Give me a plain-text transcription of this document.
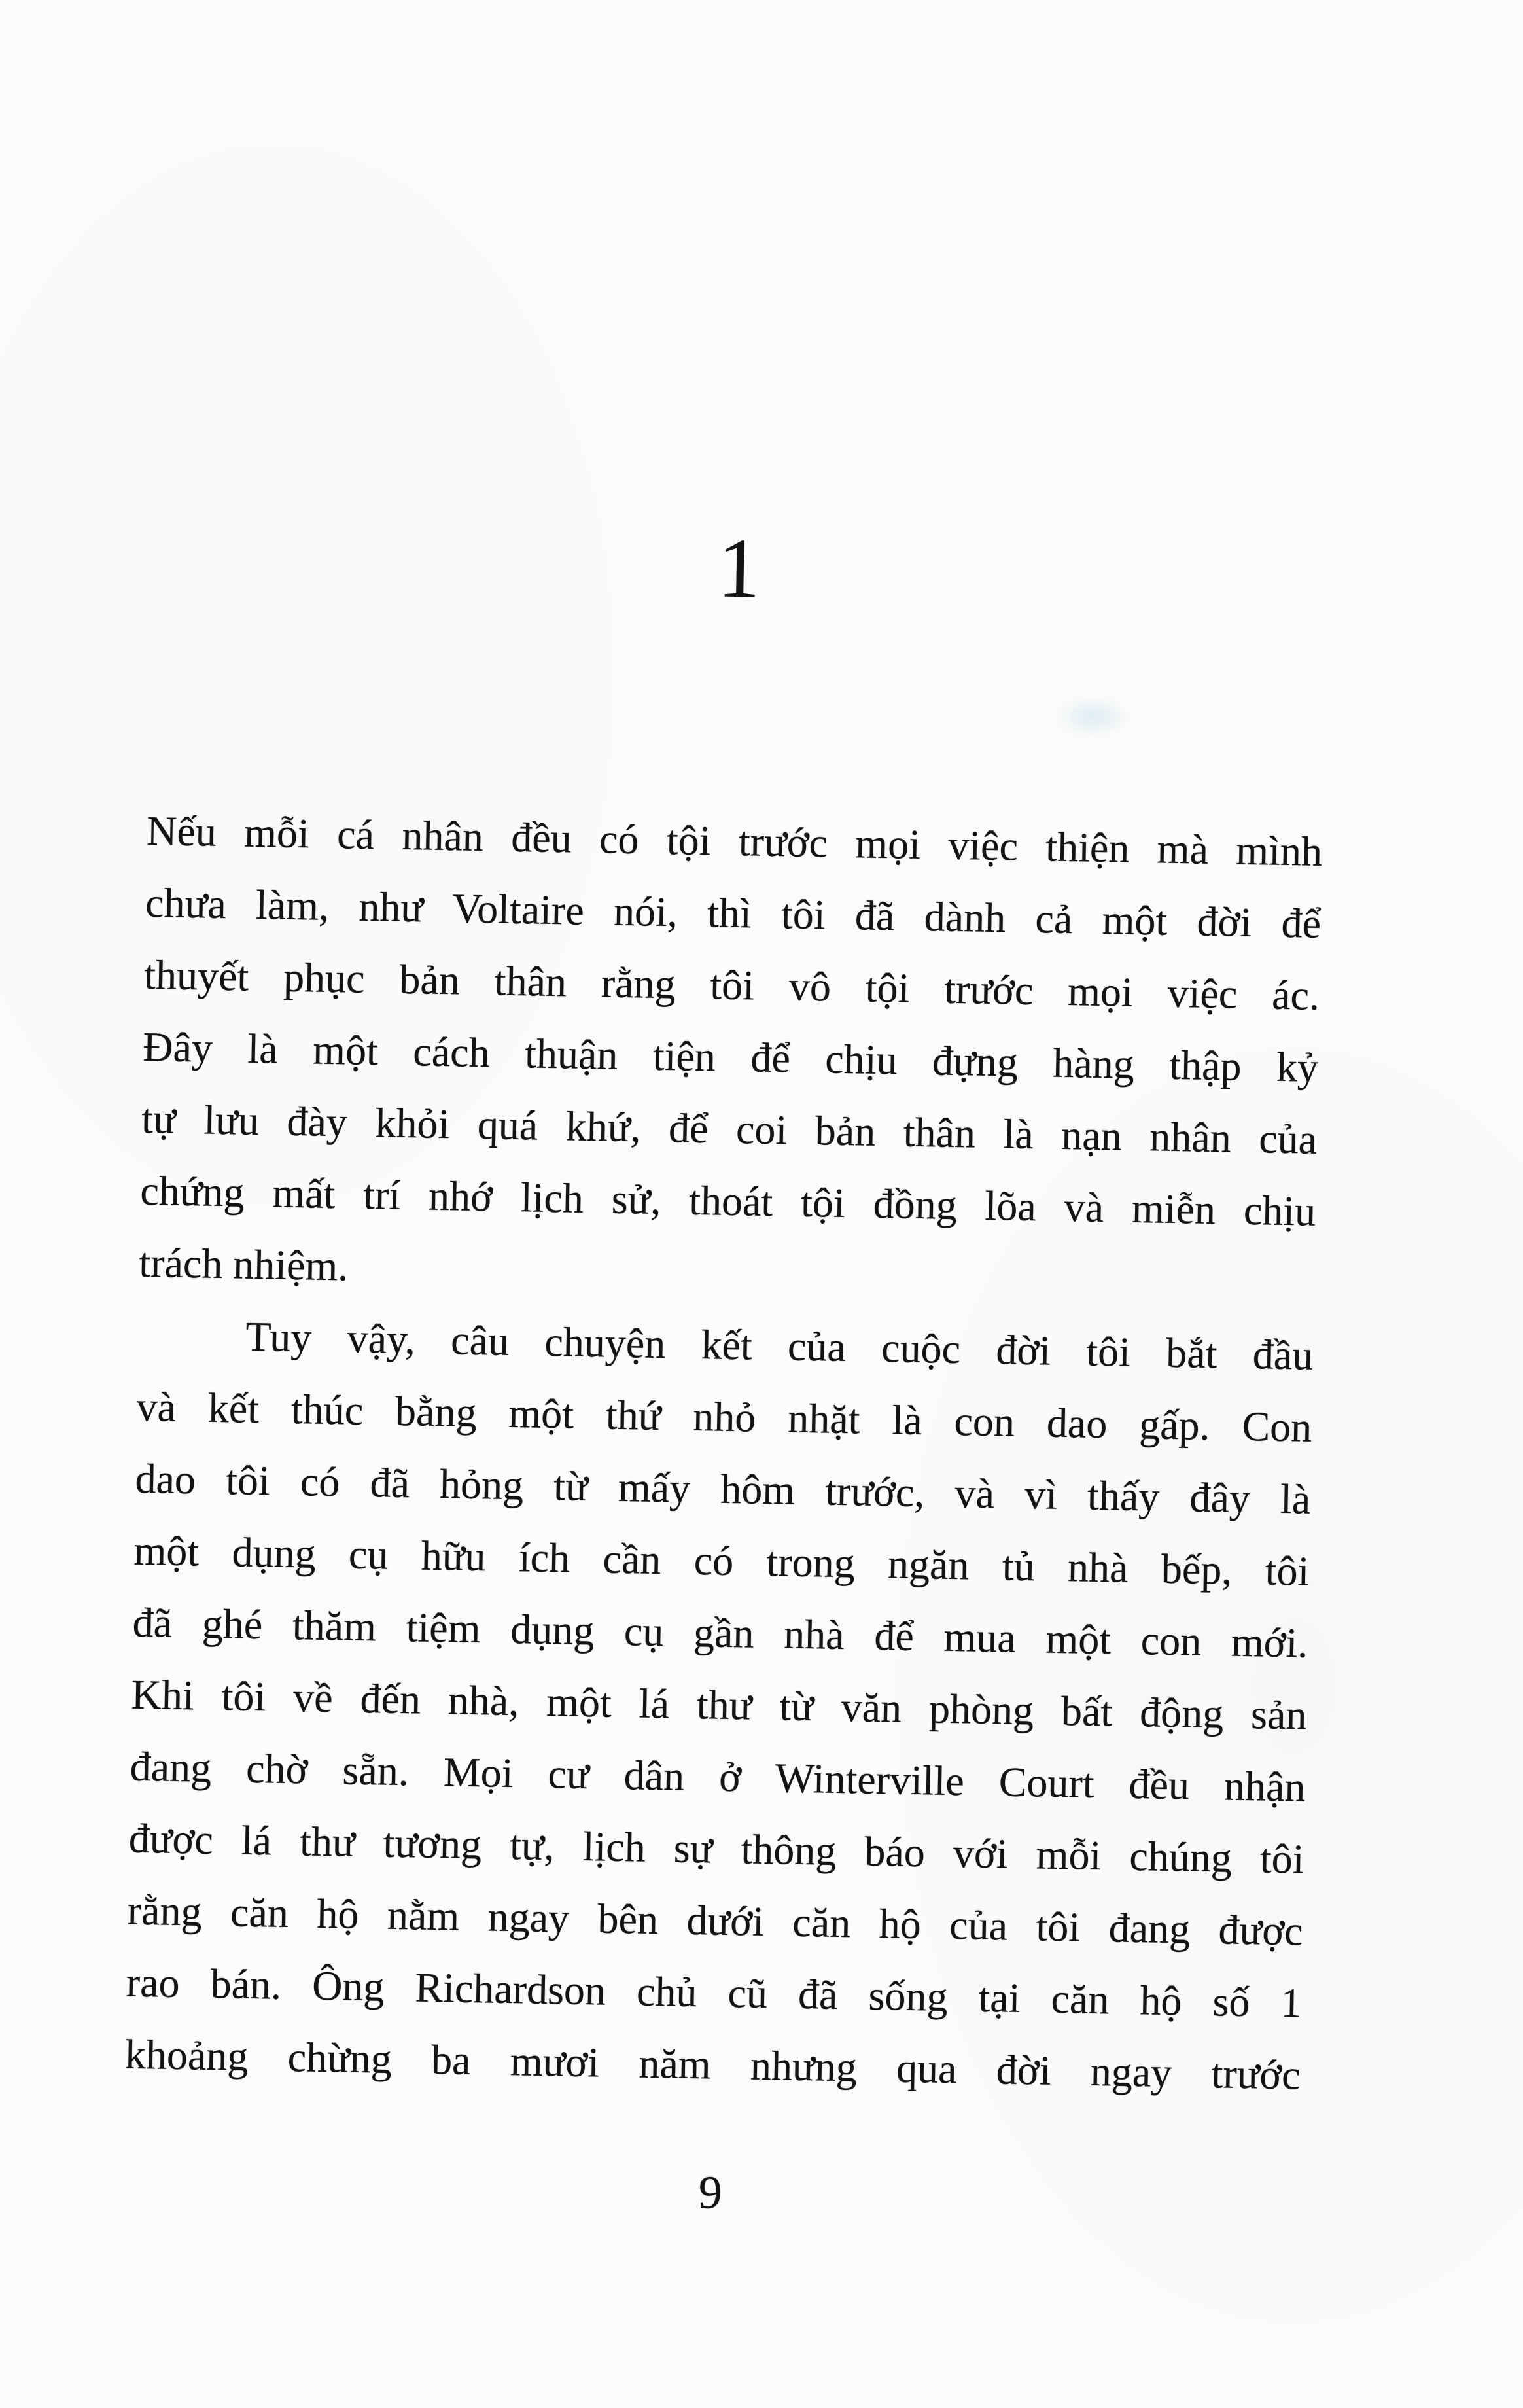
1
Nếu mỗi cá nhân đều có tội trước mọi việc thiện mà mình
chưa làm, như Voltaire nói, thì tôi đã dành cả một đời để
thuyết phục bản thân rằng tôi vô tội trước mọi việc ác.
Đây là một cách thuận tiện để chịu đựng hàng thập kỷ
tự lưu đày khỏi quá khứ, để coi bản thân là nạn nhân của
chứng mất trí nhớ lịch sử, thoát tội đồng lõa và miễn chịu
trách nhiệm.
Tuy vậy, câu chuyện kết của cuộc đời tôi bắt đầu
và kết thúc bằng một thứ nhỏ nhặt là con dao gấp. Con
dao tôi có đã hỏng từ mấy hôm trước, và vì thấy đây là
một dụng cụ hữu ích cần có trong ngăn tủ nhà bếp, tôi
đã ghé thăm tiệm dụng cụ gần nhà để mua một con mới.
Khi tôi về đến nhà, một lá thư từ văn phòng bất động sản
đang chờ sẵn. Mọi cư dân ở Winterville Court đều nhận
được lá thư tương tự, lịch sự thông báo với mỗi chúng tôi
rằng căn hộ nằm ngay bên dưới căn hộ của tôi đang được
rao bán. Ông Richardson chủ cũ đã sống tại căn hộ số 1
khoảng chừng ba mươi năm nhưng qua đời ngay trước
9
